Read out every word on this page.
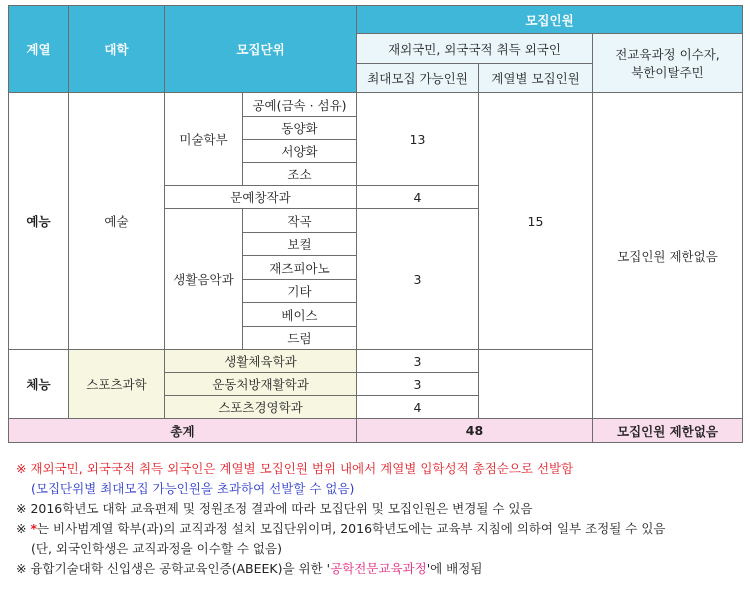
계열	대학	모집단위		모집인원		
				재외국민, 외국국적 취득 외국인		전교육과정 이수자,
북한이탈주민

				최대모집 가능인원	계열별 모집인원	
예능	예술	미술학부	공예(금속 · 섬유)	13	15	모집인원 제한없음
			동양화			
			서양화			
			조소			
		문예창작과		4		
		생활음악과	작곡	3		
			보컬			
			재즈피아노			
			기타			
			베이스			
			드럼			
체능	스포츠과학	생활체육학과		3		
		운동처방재활학과		3		
		스포츠경영학과		4		
총계				48		모집인원 제한없음
※ 재외국민, 외국국적 취득 외국인은 계열별 모집인원 범위 내에서 계열별 입학성적 총점순으로 선발함
(모집단위별 최대모집 가능인원을 초과하여 선발할 수 없음)
※ 2016학년도 대학 교육편제 및 정원조정 결과에 따라 모집단위 및 모집인원은 변경될 수 있음
※ *는 비사범계열 학부(과)의 교직과정 설치 모집단위이며, 2016학년도에는 교육부 지침에 의하여 일부 조정될 수 있음
(단, 외국인학생은 교직과정을 이수할 수 없음)
※ 융합기술대학 신입생은 공학교육인증(ABEEK)을 위한 '공학전문교육과정'에 배정됨
